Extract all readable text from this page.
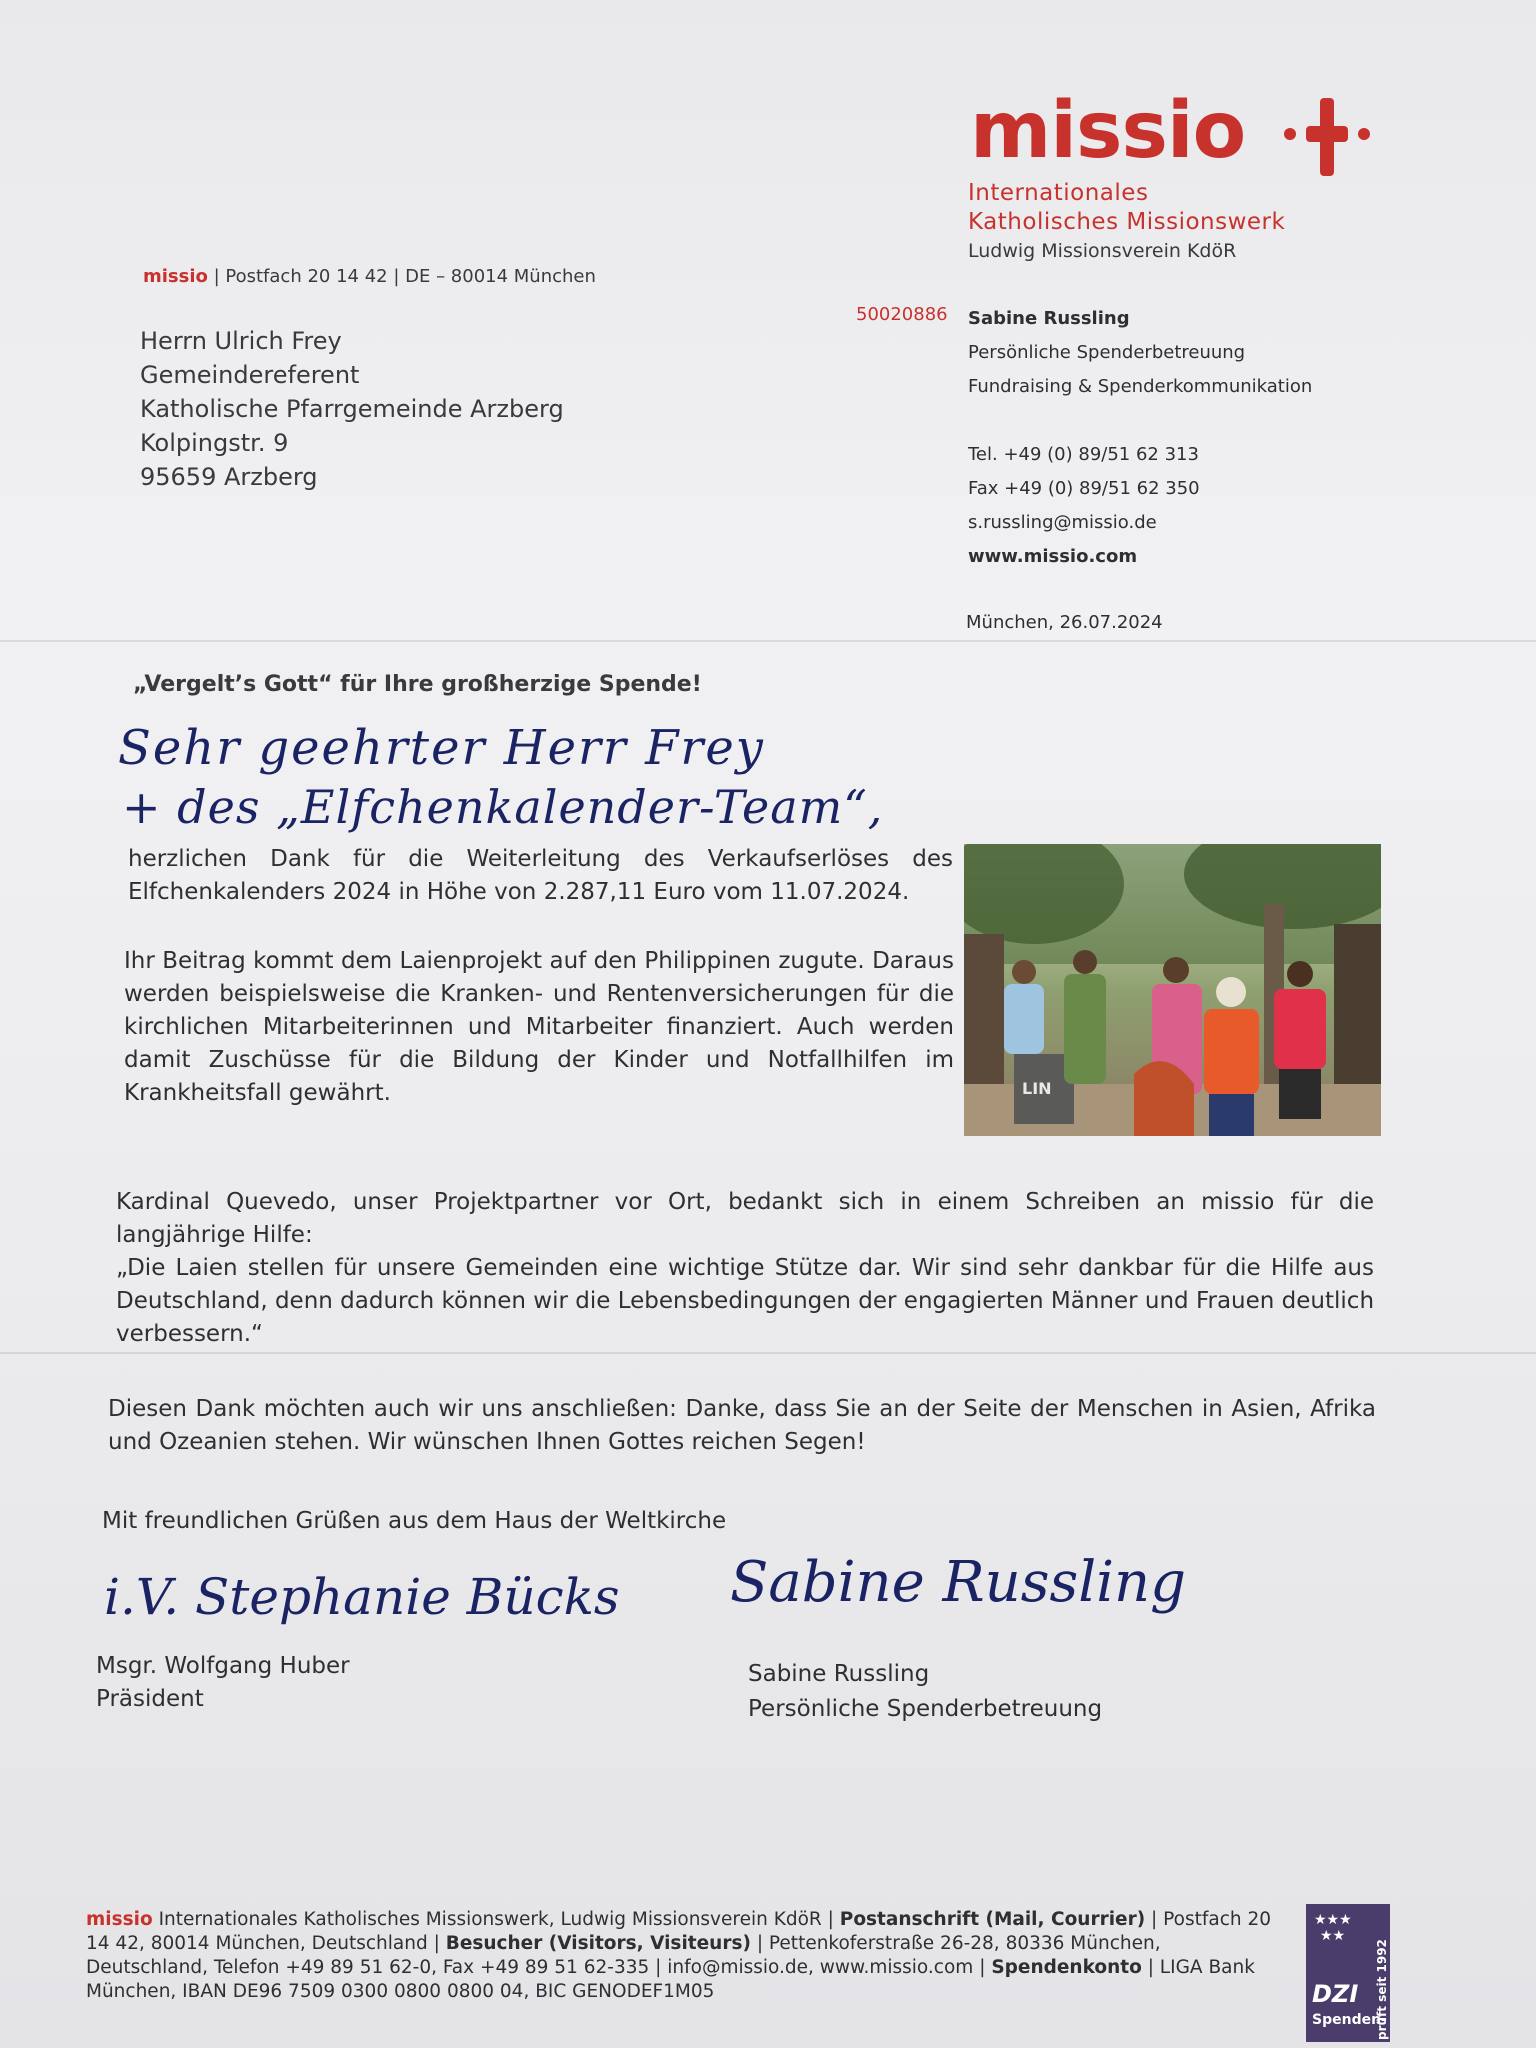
missio
Internationales
Katholisches Missionswerk
Ludwig Missionsverein KdöR
missio | Postfach 20 14 42 | DE – 80014 München
Herrn Ulrich Frey
Gemeindereferent
Katholische Pfarrgemeinde Arzberg
Kolpingstr. 9
95659 Arzberg
50020886 Sabine Russling
Persönliche Spenderbetreuung
Fundraising & Spenderkommunikation
Tel. +49 (0) 89/51 62 313
Fax +49 (0) 89/51 62 350
s.russling@missio.de
www.missio.com
München, 26.07.2024
„Vergelt’s Gott“ für Ihre großherzige Spende!
Sehr geehrter Herr Frey
+ des „Elfchenkalender-Team“,
herzlichen Dank für die Weiterleitung des Verkaufserlöses des Elfchenkalenders 2024 in Höhe von 2.287,11 Euro vom 11.07.2024.
Ihr Beitrag kommt dem Laienprojekt auf den Philippinen zugute. Daraus werden beispielsweise die Kranken- und Rentenversicherungen für die kirchlichen Mitarbeiterinnen und Mitarbeiter finanziert. Auch werden damit Zuschüsse für die Bildung der Kinder und Notfallhilfen im Krankheitsfall gewährt.	LIN
Kardinal Quevedo, unser Projektpartner vor Ort, bedankt sich in einem Schreiben an missio für die langjährige Hilfe:
„Die Laien stellen für unsere Gemeinden eine wichtige Stütze dar. Wir sind sehr dankbar für die Hilfe aus Deutschland, denn dadurch können wir die Lebensbedingungen der engagierten Männer und Frauen deutlich verbessern.“
Diesen Dank möchten auch wir uns anschließen: Danke, dass Sie an der Seite der Menschen in Asien, Afrika und Ozeanien stehen. Wir wünschen Ihnen Gottes reichen Segen!
Mit freundlichen Grüßen aus dem Haus der Weltkirche
i.V. Stephanie Bücks Sabine Russling
Msgr. Wolfgang Huber
Präsident
Sabine Russling
Persönliche Spenderbetreuung
missio Internationales Katholisches Missionswerk, Ludwig Missionsverein KdöR | Postanschrift (Mail, Courrier) | Postfach 20 14 42, 80014 München, Deutschland | Besucher (Visitors, Visiteurs) | Pettenkoferstraße 26-28, 80336 München, Deutschland, Telefon +49 89 51 62-0, Fax +49 89 51 62-335 | info@missio.de, www.missio.com | Spendenkonto | LIGA Bank München, IBAN DE96 7509 0300 0800 0800 04, BIC GENODEF1M05
★★★
★★
DZI
Spenden-
prüft seit 1992
